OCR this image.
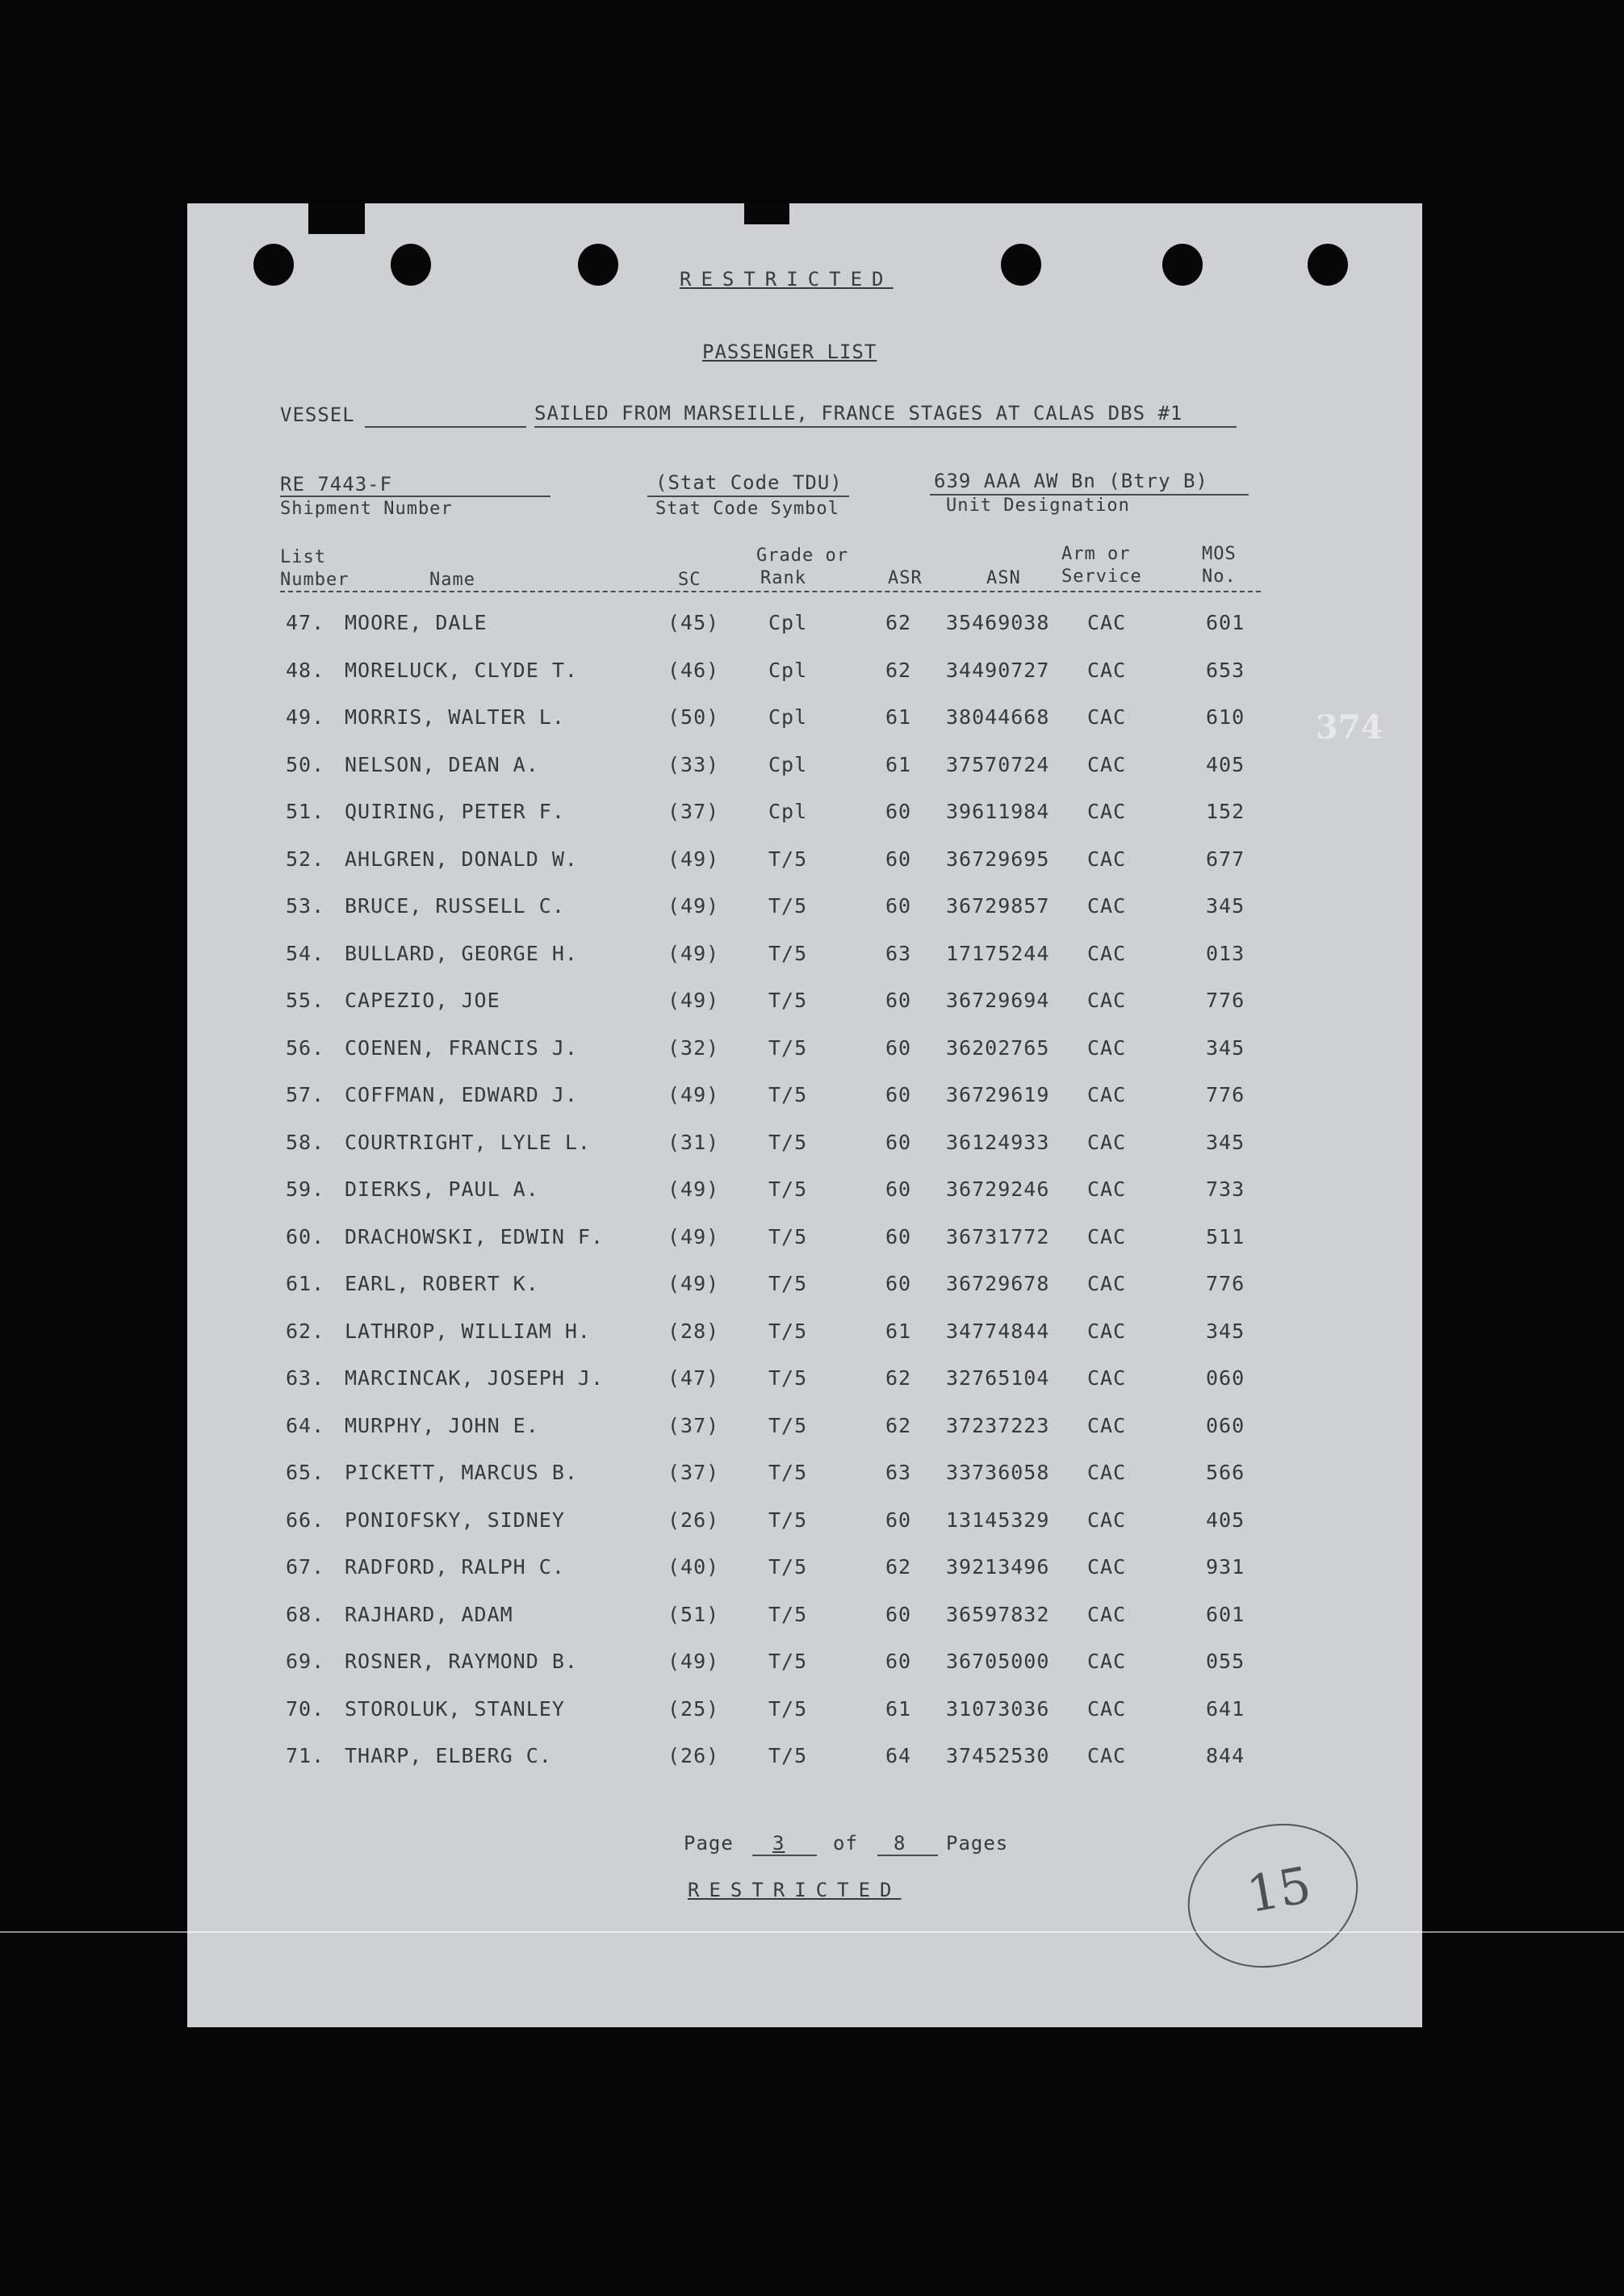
RESTRICTED
PASSENGER LIST
VESSEL	SAILED FROM MARSEILLE, FRANCE STAGES AT CALAS DBS #1
RE 7443-F
Shipment Number
(Stat Code TDU)
Stat Code Symbol
639 AAA AW Bn (Btry B)
Unit Designation
List
Number	Name	SC
Grade or
Rank	ASR	ASN
Arm or
Service
MOS
No.
47. MOORE, DALE	(45) Cpl	62 35469038 CAC	601
48. MORELUCK, CLYDE T.	(46) Cpl	62 34490727 CAC	653
49. MORRIS, WALTER L.	(50) Cpl	61 38044668 CAC	610
50. NELSON, DEAN A.	(33) Cpl	61 37570724 CAC	405
51. QUIRING, PETER F.	(37) Cpl	60 39611984 CAC	152
52. AHLGREN, DONALD W.	(49) T/5	60 36729695 CAC	677
53. BRUCE, RUSSELL C.	(49) T/5	60 36729857 CAC	345
54. BULLARD, GEORGE H.	(49) T/5	63 17175244 CAC	013
55. CAPEZIO, JOE	(49) T/5	60 36729694 CAC	776
56. COENEN, FRANCIS J.	(32) T/5	60 36202765 CAC	345
57. COFFMAN, EDWARD J.	(49) T/5	60 36729619 CAC	776
58. COURTRIGHT, LYLE L.	(31) T/5	60 36124933 CAC	345
59. DIERKS, PAUL A.	(49) T/5	60 36729246 CAC	733
60. DRACHOWSKI, EDWIN F.	(49) T/5	60 36731772 CAC	511
61. EARL, ROBERT K.	(49) T/5	60 36729678 CAC	776
62. LATHROP, WILLIAM H.	(28) T/5	61 34774844 CAC	345
63. MARCINCAK, JOSEPH J.	(47) T/5	62 32765104 CAC	060
64. MURPHY, JOHN E.	(37) T/5	62 37237223 CAC	060
65. PICKETT, MARCUS B.	(37) T/5	63 33736058 CAC	566
66. PONIOFSKY, SIDNEY	(26) T/5	60 13145329 CAC	405
67. RADFORD, RALPH C.	(40) T/5	62 39213496 CAC	931
68. RAJHARD, ADAM	(51) T/5	60 36597832 CAC	601
69. ROSNER, RAYMOND B.	(49) T/5	60 36705000 CAC	055
70. STOROLUK, STANLEY	(25) T/5	61 31073036 CAC	641
71. THARP, ELBERG C.	(26) T/5	64 37452530 CAC	844
Page 3 of 8 Pages
RESTRICTED
374
15
